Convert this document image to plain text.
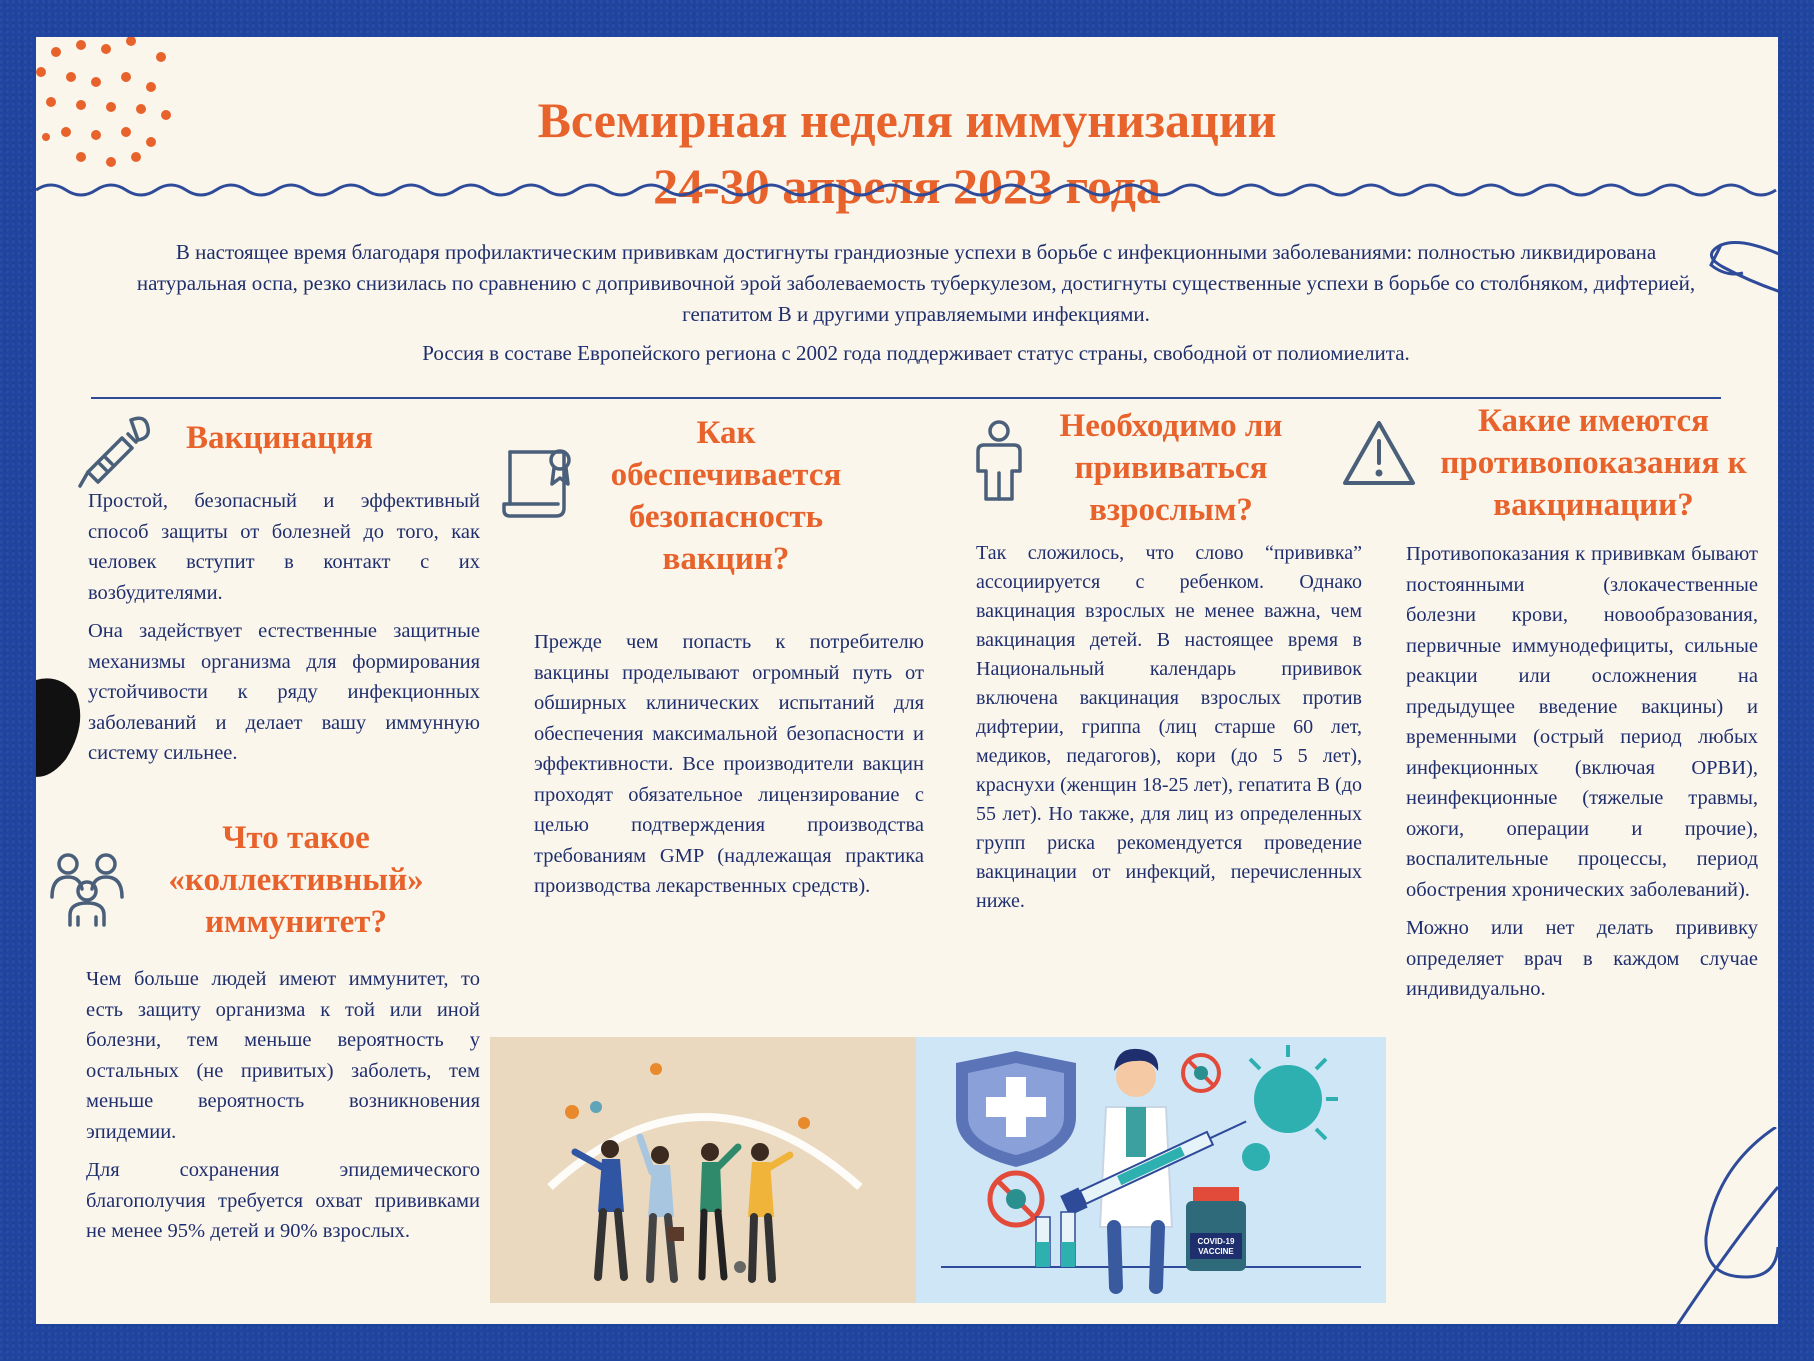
Всемирная неделя иммунизации
24-30 апреля 2023 года

В настоящее время благодаря профилактическим прививкам достигнуты грандиозные успехи в борьбе с инфекционными заболеваниями: полностью ликвидирована натуральная оспа, резко снизилась по сравнению с допрививочной эрой заболеваемость туберкулезом, достигнуты существенные успехи в борьбе со столбняком, дифтерией, гепатитом В и другими управляемыми инфекциями.

Россия в составе Европейского региона с 2002 года поддерживает статус страны, свободной от полиомиелита.

Вакцинация

Простой, безопасный и эффективный способ защиты от болезней до того, как человек вступит в контакт с их возбудителями.

Она задействует естественные защитные механизмы организма для формирования устойчивости к ряду инфекционных заболеваний и делает вашу иммунную систему сильнее.

Что такое «коллективный» иммунитет?

Чем больше людей имеют иммунитет, то есть защиту организма к той или иной болезни, тем меньше вероятность у остальных (не привитых) заболеть, тем меньше вероятность возникновения эпидемии.

Для сохранения эпидемического благополучия требуется охват прививками не менее 95% детей и 90% взрослых.

Как обеспечивается безопасность вакцин?

Прежде чем попасть к потребителю вакцины проделывают огромный путь от обширных клинических испытаний для обеспечения максимальной безопасности и эффективности. Все производители вакцин проходят обязательное лицензирование с целью подтверждения производства требованиям GMP (надлежащая практика производства лекарственных средств).

Необходимо ли прививаться взрослым?

Так сложилось, что слово “прививка” ассоциируется с ребенком. Однако вакцинация взрослых не менее важна, чем вакцинация детей. В настоящее время в Национальный календарь прививок включена вакцинация взрослых против дифтерии, гриппа (лиц старше 60 лет, медиков, педагогов), кори (до 5 5 лет), краснухи (женщин 18-25 лет), гепатита В (до 55 лет). Но также, для лиц из определенных групп риска рекомендуется проведение вакцинации от инфекций, перечисленных ниже.

Какие имеются противопоказания к вакцинации?

Противопоказания к прививкам бывают постоянными (злокачественные болезни крови, новообразования, первичные иммунодефициты, сильные реакции или осложнения на предыдущее введение вакцины) и временными (острый период любых инфекционных (включая ОРВИ), неинфекционные (тяжелые травмы, ожоги, операции и прочие), воспалительные процессы, период обострения хронических заболеваний).

Можно или нет делать прививку определяет врач в каждом случае индивидуально.

COVID-19
VACCINE
